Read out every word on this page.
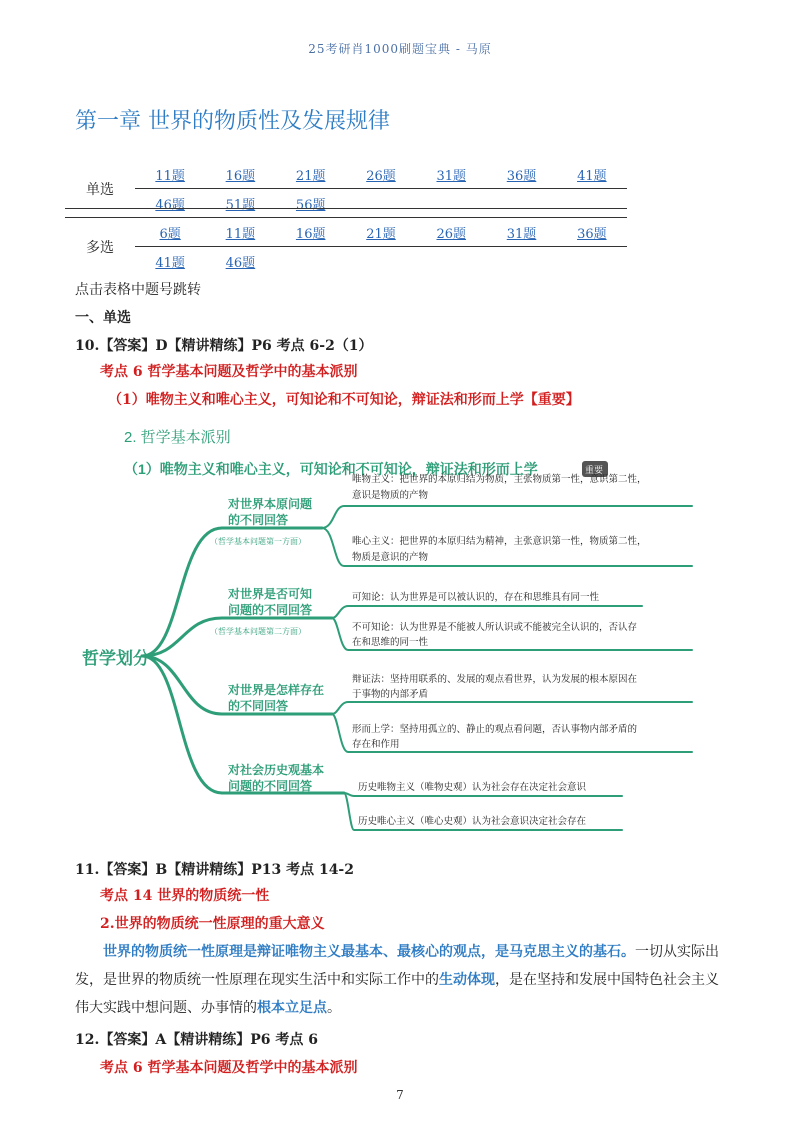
25考研肖1000刷题宝典 - 马原
第一章 世界的物质性及发展规律
单选	11题	16题	21题	26题	31题	36题	41题
	46题	51题	56题				
多选	6题	11题	16题	21题	26题	31题	36题
	41题	46题					
点击表格中题号跳转
一、单选
10.【答案】D【精讲精练】P6 考点 6-2（1）
考点 6 哲学基本问题及哲学中的基本派别
（1）唯物主义和唯心主义，可知论和不可知论，辩证法和形而上学【重要】
2. 哲学基本派别
（1）唯物主义和唯心主义，可知论和不可知论，辩证法和形而上学	重要
哲学划分
对世界本原问题
的不同回答
（哲学基本问题第一方面）
唯物主义：把世界的本原归结为物质，主张物质第一性，意识第二性，
意识是物质的产物
唯心主义：把世界的本原归结为精神，主张意识第一性，物质第二性，
物质是意识的产物
对世界是否可知
问题的不同回答
（哲学基本问题第二方面）
可知论：认为世界是可以被认识的，存在和思维具有同一性
不可知论：认为世界是不能被人所认识或不能被完全认识的，否认存
在和思维的同一性
对世界是怎样存在
的不同回答
辩证法：坚持用联系的、发展的观点看世界，认为发展的根本原因在
于事物的内部矛盾
形而上学：坚持用孤立的、静止的观点看问题，否认事物内部矛盾的
存在和作用
对社会历史观基本
问题的不同回答	历史唯物主义（唯物史观）认为社会存在决定社会意识
历史唯心主义（唯心史观）认为社会意识决定社会存在
11.【答案】B【精讲精练】P13 考点 14-2
考点 14 世界的物质统一性
2.世界的物质统一性原理的重大意义
世界的物质统一性原理是辩证唯物主义最基本、最核心的观点，是马克思主义的基石。一切从实际出发，是世界的物质统一性原理在现实生活中和实际工作中的生动体现，是在坚持和发展中国特色社会主义伟大实践中想问题、办事情的根本立足点。
12.【答案】A【精讲精练】P6 考点 6
考点 6 哲学基本问题及哲学中的基本派别
7
